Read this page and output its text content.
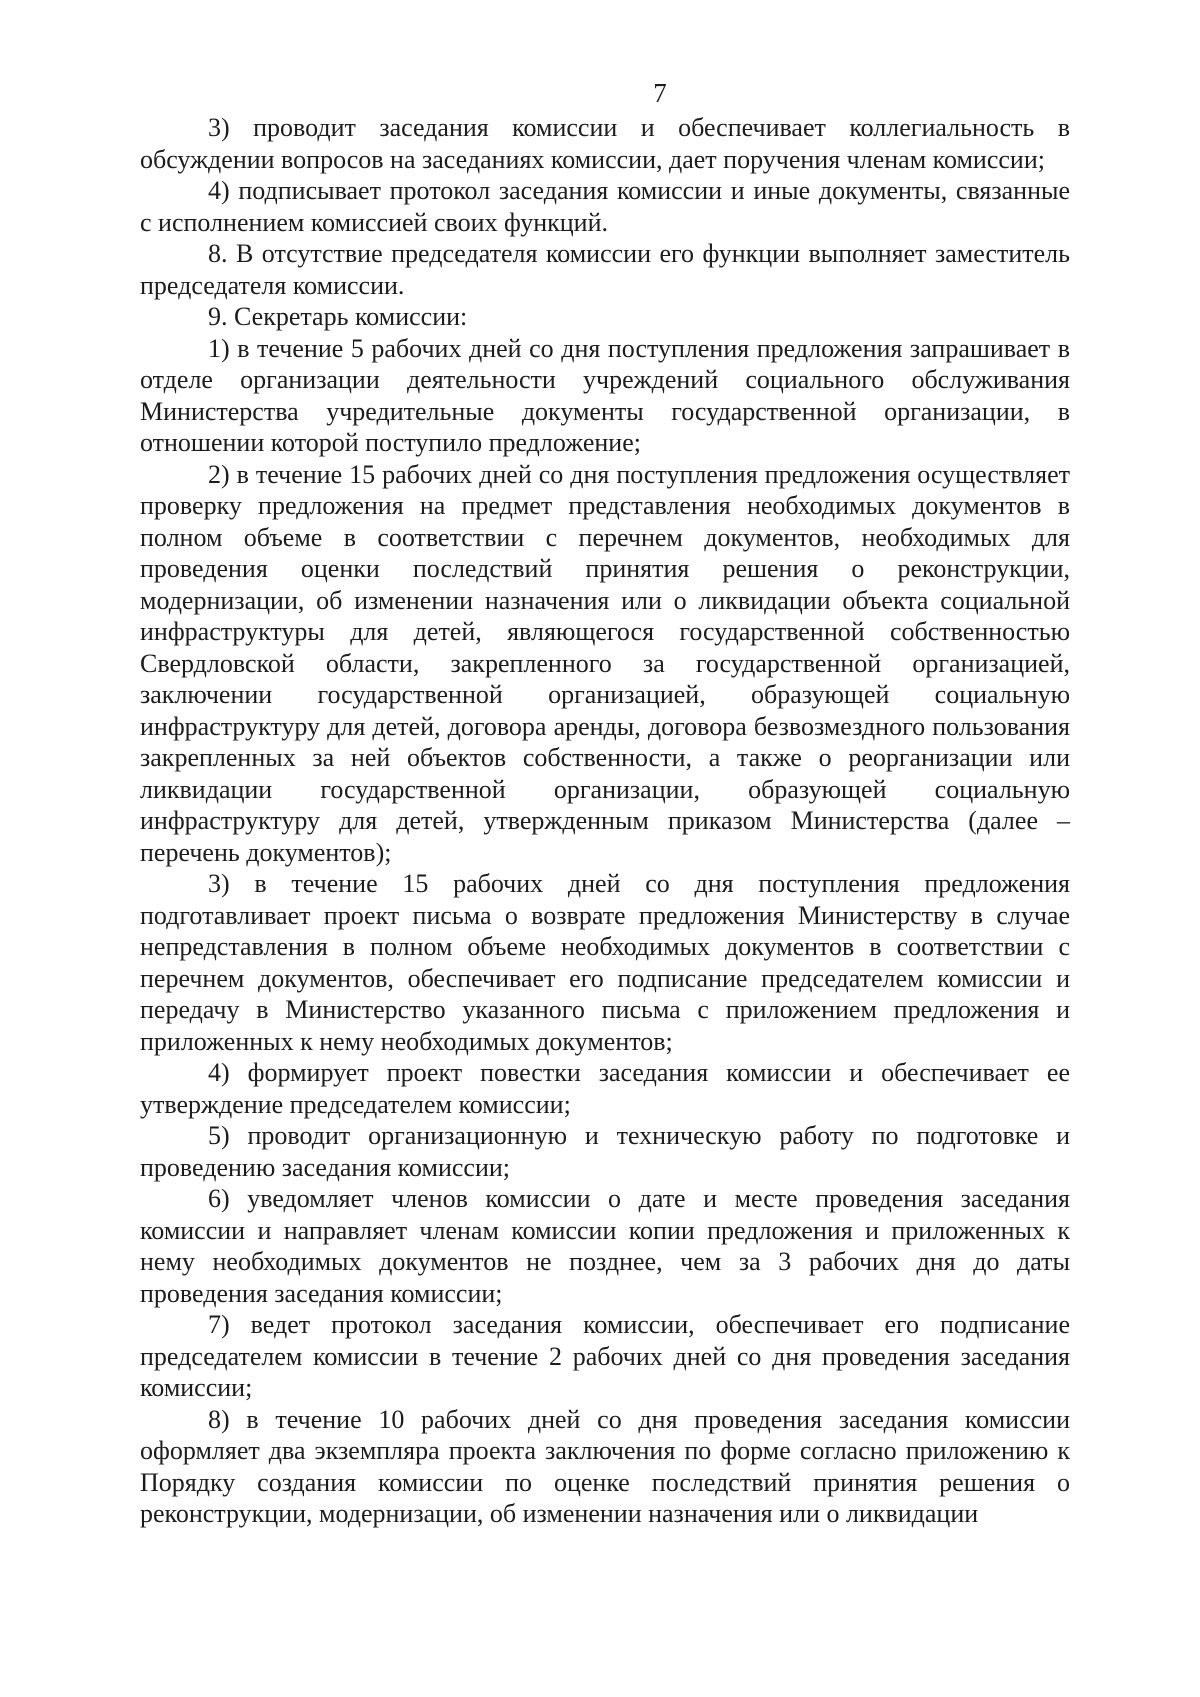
7

3) проводит заседания комиссии и обеспечивает коллегиальность в обсуждении вопросов на заседаниях комиссии, дает поручения членам комиссии;

4) подписывает протокол заседания комиссии и иные документы, связанные с исполнением комиссией своих функций.

8. В отсутствие председателя комиссии его функции выполняет заместитель председателя комиссии.

9. Секретарь комиссии:

1) в течение 5 рабочих дней со дня поступления предложения запрашивает в отделе организации деятельности учреждений социального обслуживания Министерства учредительные документы государственной организации, в отношении которой поступило предложение;

2) в течение 15 рабочих дней со дня поступления предложения осуществляет проверку предложения на предмет представления необходимых документов в полном объеме в соответствии с перечнем документов, необходимых для проведения оценки последствий принятия решения о реконструкции, модернизации, об изменении назначения или о ликвидации объекта социальной инфраструктуры для детей, являющегося государственной собственностью Свердловской области, закрепленного за государственной организацией, заключении государственной организацией, образующей социальную инфраструктуру для детей, договора аренды, договора безвозмездного пользования закрепленных за ней объектов собственности, а также о реорганизации или ликвидации государственной организации, образующей социальную инфраструктуру для детей, утвержденным приказом Министерства (далее – перечень документов);

3) в течение 15 рабочих дней со дня поступления предложения подготавливает проект письма о возврате предложения Министерству в случае непредставления в полном объеме необходимых документов в соответствии с перечнем документов, обеспечивает его подписание председателем комиссии и передачу в Министерство указанного письма с приложением предложения и приложенных к нему необходимых документов;

4) формирует проект повестки заседания комиссии и обеспечивает ее утверждение председателем комиссии;

5) проводит организационную и техническую работу по подготовке и проведению заседания комиссии;

6) уведомляет членов комиссии о дате и месте проведения заседания комиссии и направляет членам комиссии копии предложения и приложенных к нему необходимых документов не позднее, чем за 3 рабочих дня до даты проведения заседания комиссии;

7) ведет протокол заседания комиссии, обеспечивает его подписание председателем комиссии в течение 2 рабочих дней со дня проведения заседания комиссии;

8) в течение 10 рабочих дней со дня проведения заседания комиссии оформляет два экземпляра проекта заключения по форме согласно приложению к Порядку создания комиссии по оценке последствий принятия решения о реконструкции, модернизации, об изменении назначения или о ликвидации
